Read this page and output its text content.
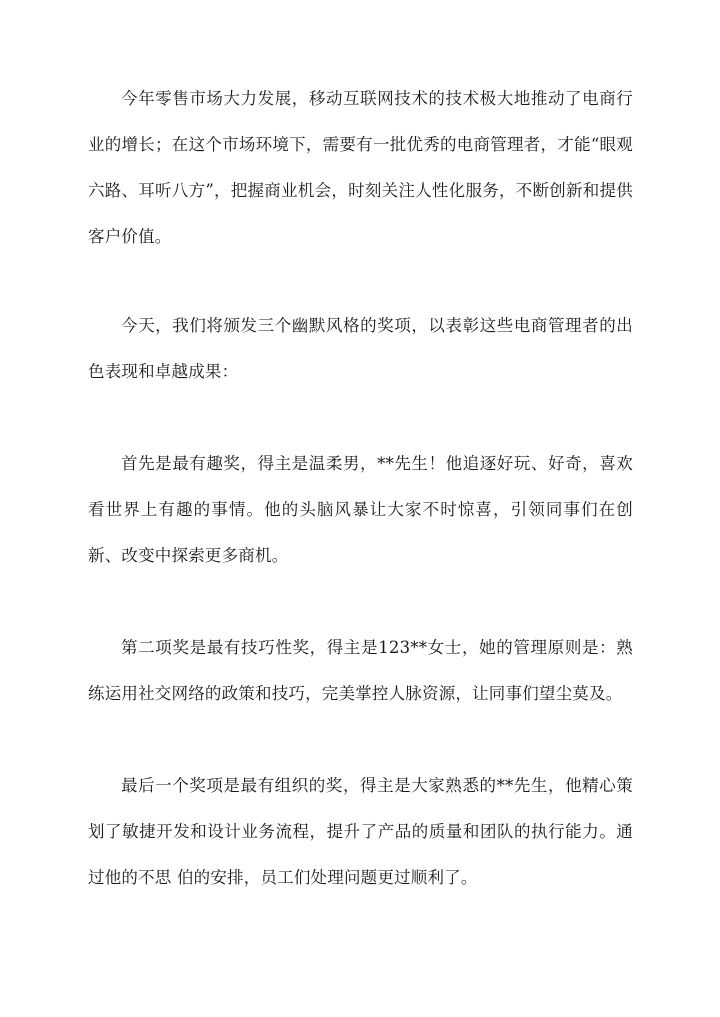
今年零售市场大力发展，移动互联网技术的技术极大地推动了电商行业的增长；在这个市场环境下，需要有一批优秀的电商管理者，才能“眼观六路、耳听八方”，把握商业机会，时刻关注人性化服务，不断创新和提供客户价值。

今天，我们将颁发三个幽默风格的奖项，以表彰这些电商管理者的出色表现和卓越成果：

首先是最有趣奖，得主是温柔男，**先生！他追逐好玩、好奇，喜欢看世界上有趣的事情。他的头脑风暴让大家不时惊喜，引领同事们在创新、改变中探索更多商机。

第二项奖是最有技巧性奖，得主是123**女士，她的管理原则是：熟练运用社交网络的政策和技巧，完美掌控人脉资源，让同事们望尘莫及。

最后一个奖项是最有组织的奖，得主是大家熟悉的**先生，他精心策划了敏捷开发和设计业务流程，提升了产品的质量和团队的执行能力。通过他的不思 伯的安排，员工们处理问题更过顺利了。
